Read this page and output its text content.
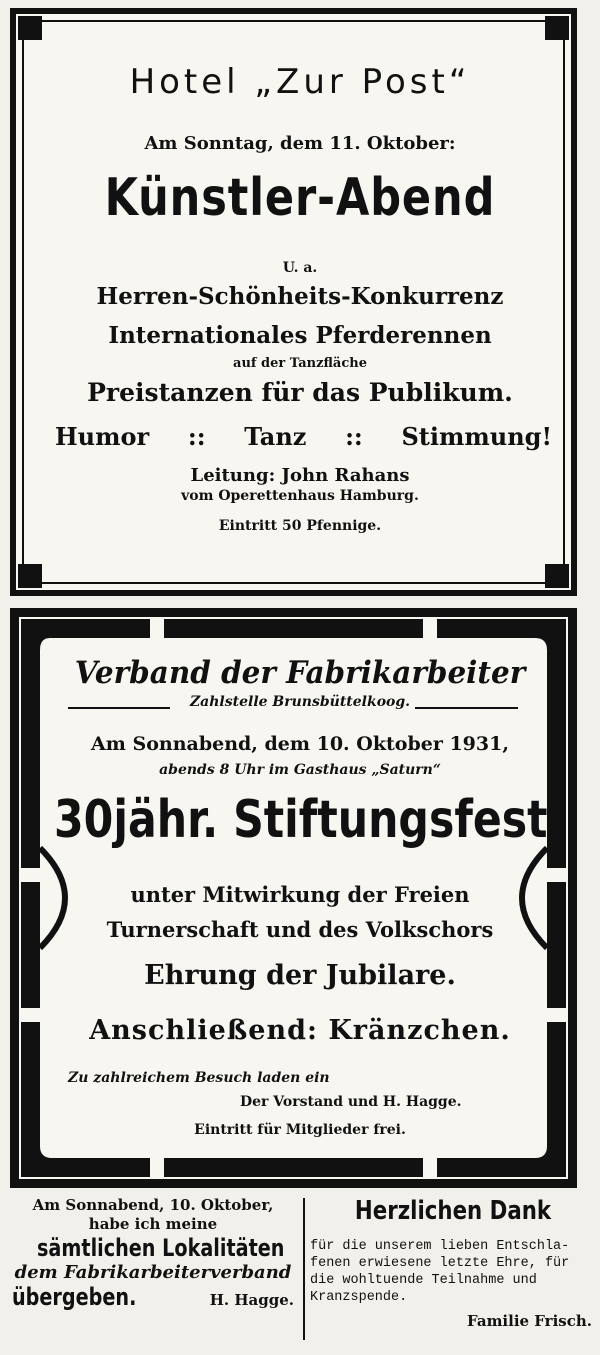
Hotel „Zur Post“
Am Sonntag, dem 11. Oktober:
Künstler-Abend
U. a.
Herren-Schönheits-Konkurrenz
Internationales Pferderennen
auf der Tanzfläche
Preistanzen für das Publikum.
Humor :: Tanz :: Stimmung!
Leitung: John Rahans
vom Operettenhaus Hamburg.
Eintritt 50 Pfennige.
Verband der Fabrikarbeiter
Zahlstelle Brunsbüttelkoog.
Am Sonnabend, dem 10. Oktober 1931,
abends 8 Uhr im Gasthaus „Saturn“
30jähr. Stiftungsfest
unter Mitwirkung der Freien
Turnerschaft und des Volkschors
Ehrung der Jubilare.
Anschließend: Kränzchen.
Zu zahlreichem Besuch laden ein
Der Vorstand und H. Hagge.
Eintritt für Mitglieder frei.
Am Sonnabend, 10. Oktober,
habe ich meine
sämtlichen Lokalitäten
dem Fabrikarbeiterverband
übergeben.	H. Hagge.
Herzlichen Dank
für die unserem lieben Entschla-
fenen erwiesene letzte Ehre, für
die wohltuende Teilnahme und
Kranzspende.
Familie Frisch.
